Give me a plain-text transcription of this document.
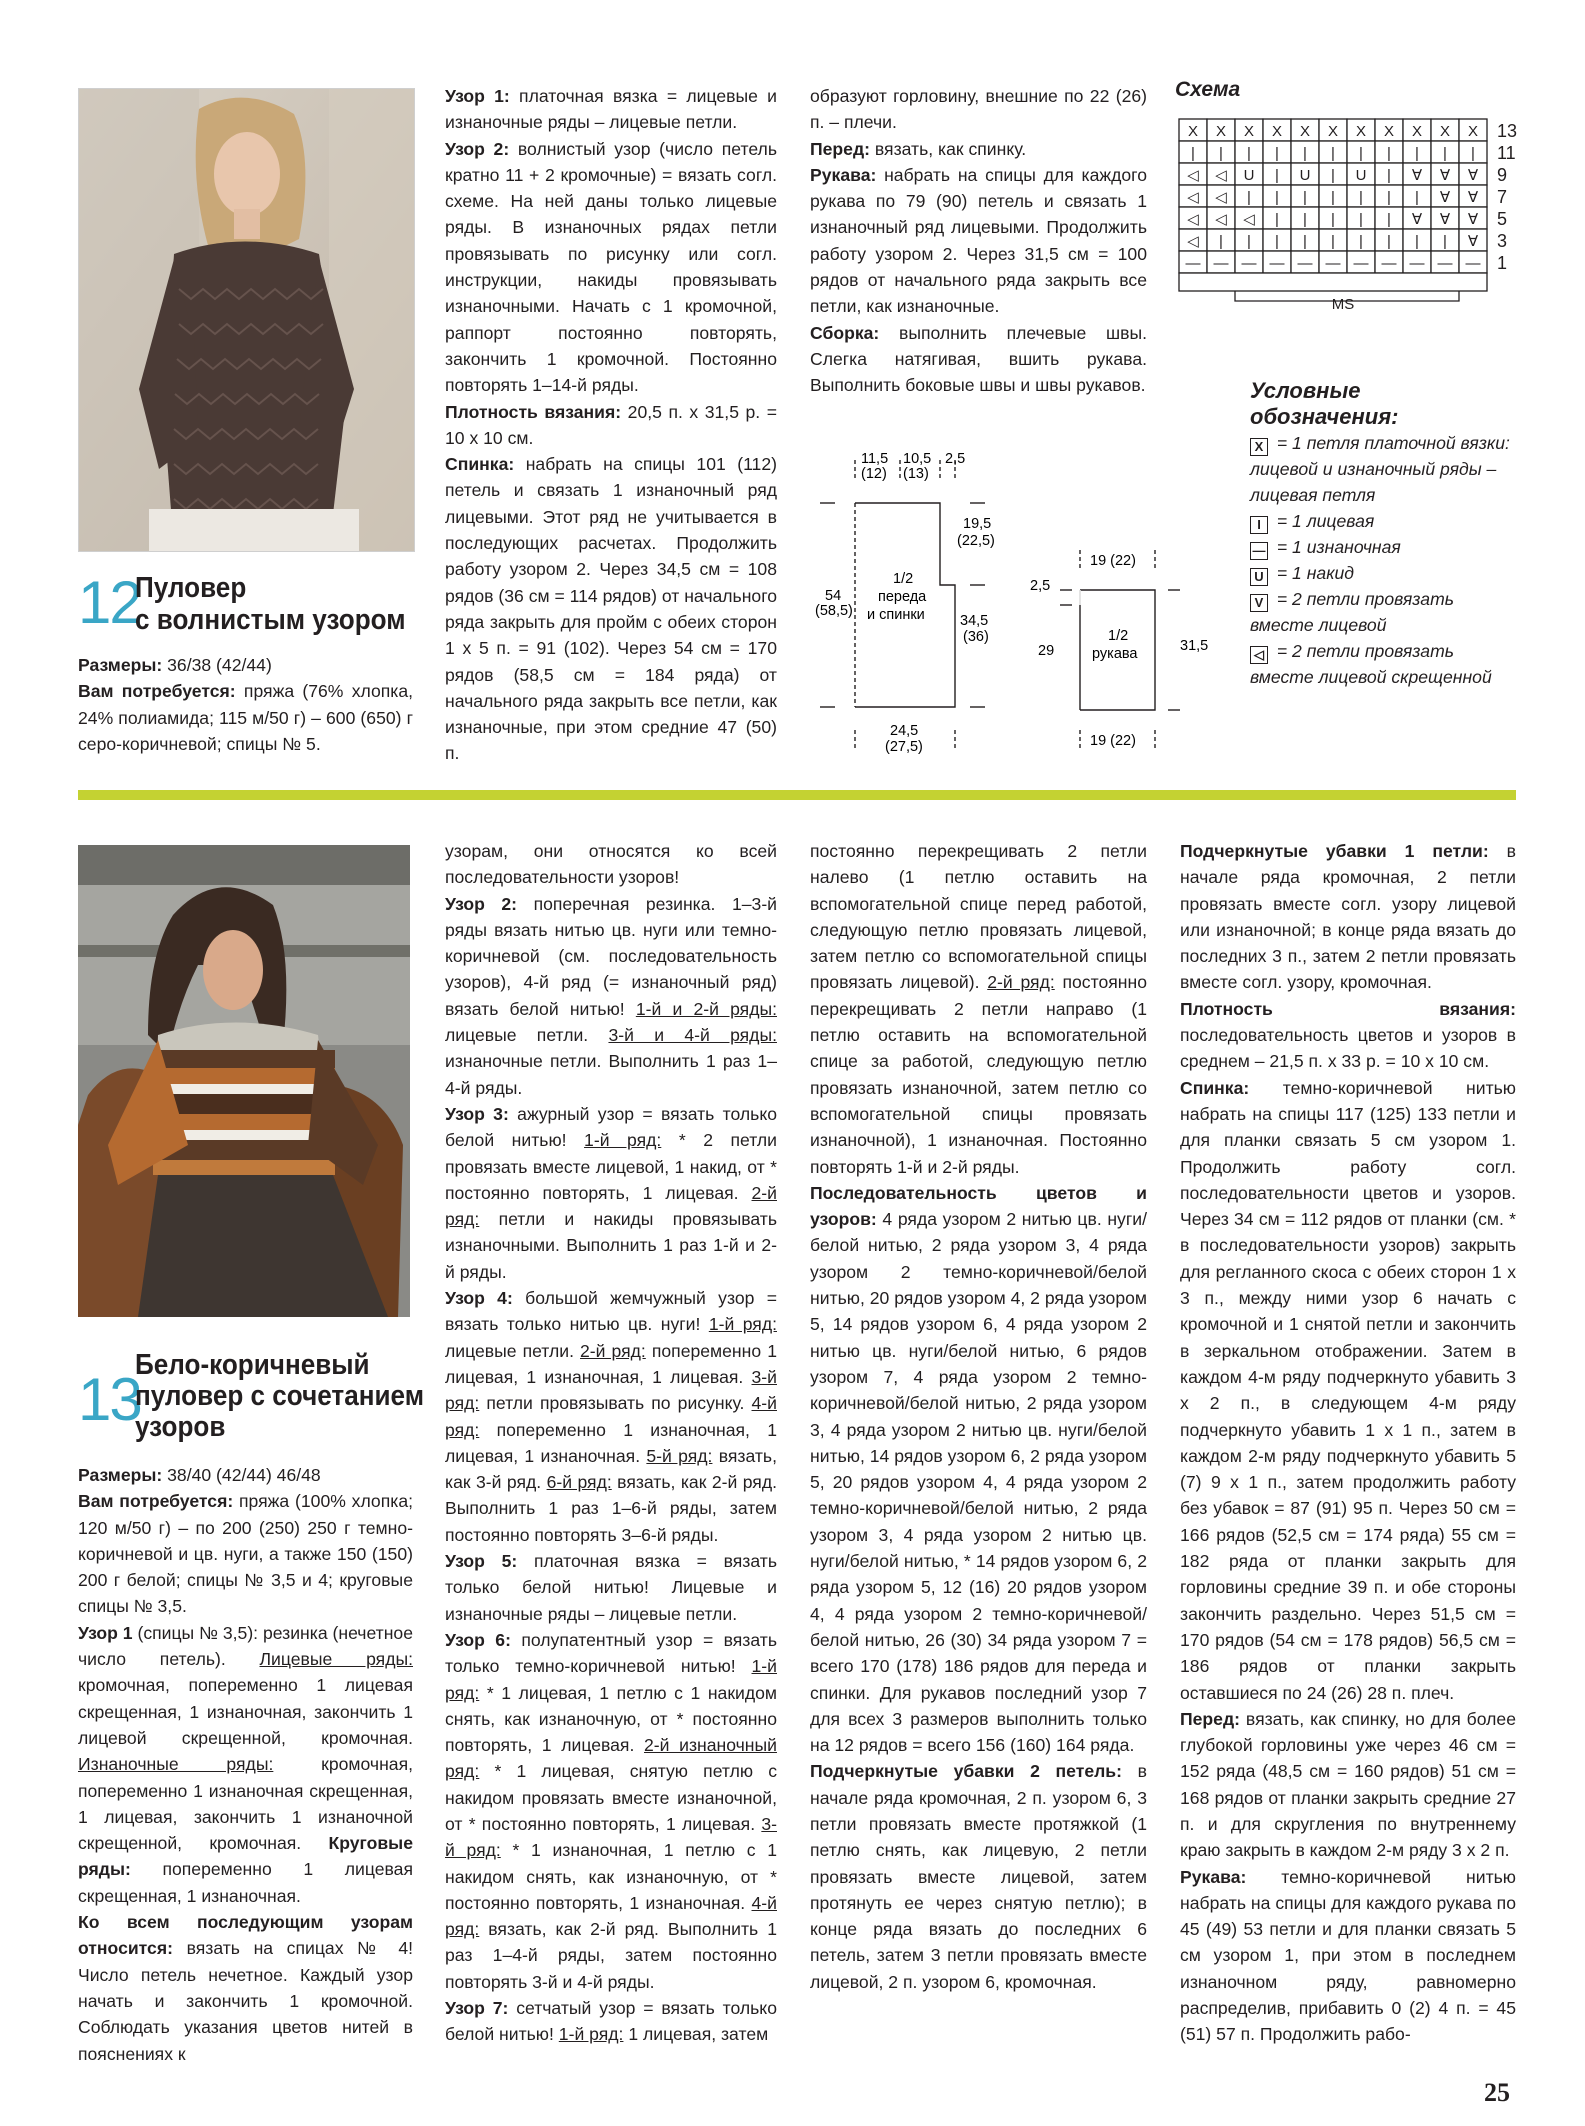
12
Пуловер
с волнистым узором

Размеры: 36/38 (42/44)

Вам потребуется: пряжа (76% хлопка, 24% полиамида; 115 м/50 г) – 600 (650) г серо-коричневой; спицы № 5.

Узор 1: платочная вязка = лицевые и изнаночные ряды – лицевые петли.

Узор 2: волнистый узор (число петель кратно 11 + 2 кромочные) = вязать согл. схеме. На ней даны только лицевые ряды. В изнаночных рядах петли провязывать по рисунку или согл. инструкции, накиды провязывать изнаночными. Начать с 1 кромочной, раппорт постоянно повторять, закончить 1 кромочной. Постоянно повторять 1–14-й ряды.

Плотность вязания: 20,5 п. х 31,5 р. = 10 х 10 см.

Спинка: набрать на спицы 101 (112) петель и связать 1 изнаночный ряд лицевыми. Этот ряд не учитывается в последующих расчетах. Продолжить работу узором 2. Через 34,5 см = 108 рядов (36 см = 114 рядов) от начального ряда закрыть для пройм с обеих сторон 1 х 5 п. = 91 (102). Через 54 см = 170 рядов (58,5 см = 184 ряда) от начального ряда закрыть все петли, как изнаночные, при этом средние 47 (50) п.

образуют горловину, внешние по 22 (26) п. – плечи.

Перед: вязать, как спинку.

Рукава: набрать на спицы для каждого рукава по 79 (90) петель и связать 1 изнаночный ряд лицевыми. Продолжить работу узором 2. Через 31,5 см = 100 рядов от начального ряда закрыть все петли, как изнаночные.

Сборка: выполнить плечевые швы. Слегка натягивая, вшить рукава. Выполнить боковые швы и швы рукавов.

11,5
(12)
10,5
(13)
2,5
19,5
(22,5)
54
(58,5)
1/2
переда
и спинки 34,5
(36)
24,5
(27,5)
19 (22)
2,5
29
1/2
рукава	31,5
19 (22)
Схема
X X X X X X X X X X X 13
| | | | | | | | | | | 11
◁ ◁ U | U | U | ∀ ∀ ∀ 9
◁ ◁ | | | | | | | ∀ ∀ 7
◁ ◁ ◁ | | | | | ∀ ∀ ∀ 5
◁ | | | | | | | | | ∀ 3
— — — — — — — — — — — 1
MS
Условные
обозначения:
X = 1 петля платочной вязки: лицевой и изнаночный ряды – лицевая петля
I = 1 лицевая
— = 1 изнаночная
U = 1 накид
V = 2 петли провязать вместе лицевой
◁ = 2 петли провязать вместе лицевой скрещенной
13
Бело-коричневый
пуловер с сочетанием
узоров

Размеры: 38/40 (42/44) 46/48

Вам потребуется: пряжа (100% хлопка; 120 м/50 г) – по 200 (250) 250 г темно-коричневой и цв. нуги, а также 150 (150) 200 г белой; спицы № 3,5 и 4; круговые спицы № 3,5.

Узор 1 (спицы № 3,5): резинка (нечетное число петель). Лицевые ряды: кромочная, попеременно 1 лицевая скрещенная, 1 изнаночная, закончить 1 лицевой скрещенной, кромочная. Изнаночные ряды: кромочная, попеременно 1 изнаночная скрещенная, 1 лицевая, закончить 1 изнаночной скрещенной, кромочная. Круговые ряды: попеременно 1 лицевая скрещенная, 1 изнаночная.

Ко всем последующим узорам относится: вязать на спицах № 4! Число петель нечетное. Каждый узор начать и закончить 1 кромочной. Соблюдать указания цветов нитей в пояснениях к

узорам, они относятся ко всей последовательности узоров!

Узор 2: поперечная резинка. 1–3-й ряды вязать нитью цв. нуги или темно-коричневой (см. последовательность узоров), 4-й ряд (= изнаночный ряд) вязать белой нитью! 1-й и 2-й ряды: лицевые петли. 3-й и 4-й ряды: изнаночные петли. Выполнить 1 раз 1–4-й ряды.

Узор 3: ажурный узор = вязать только белой нитью! 1-й ряд: * 2 петли провязать вместе лицевой, 1 накид, от * постоянно повторять, 1 лицевая. 2-й ряд: петли и накиды провязывать изнаночными. Выполнить 1 раз 1-й и 2-й ряды.

Узор 4: большой жемчужный узор = вязать только нитью цв. нуги! 1-й ряд: лицевые петли. 2-й ряд: попеременно 1 лицевая, 1 изнаночная, 1 лицевая. 3-й ряд: петли провязывать по рисунку. 4-й ряд: попеременно 1 изнаночная, 1 лицевая, 1 изнаночная. 5-й ряд: вязать, как 3-й ряд. 6-й ряд: вязать, как 2-й ряд. Выполнить 1 раз 1–6-й ряды, затем постоянно повторять 3–6-й ряды.

Узор 5: платочная вязка = вязать только белой нитью! Лицевые и изнаночные ряды – лицевые петли.

Узор 6: полупатентный узор = вязать только темно-коричневой нитью! 1-й ряд: * 1 лицевая, 1 петлю с 1 накидом снять, как изнаночную, от * постоянно повторять, 1 лицевая. 2-й изнаночный ряд: * 1 лицевая, снятую петлю с накидом провязать вместе изнаночной, от * постоянно повторять, 1 лицевая. 3-й ряд: * 1 изнаночная, 1 петлю с 1 накидом снять, как изнаночную, от * постоянно повторять, 1 изнаночная. 4-й ряд: вязать, как 2-й ряд. Выполнить 1 раз 1–4-й ряды, затем постоянно повторять 3-й и 4-й ряды.

Узор 7: сетчатый узор = вязать только белой нитью! 1-й ряд: 1 лицевая, затем

постоянно перекрещивать 2 петли налево (1 петлю оставить на вспомогательной спице перед работой, следующую петлю провязать лицевой, затем петлю со вспомогательной спицы провязать лицевой). 2-й ряд: постоянно перекрещивать 2 петли направо (1 петлю оставить на вспомогательной спице за работой, следующую петлю провязать изнаночной, затем петлю со вспомогательной спицы провязать изнаночной), 1 изнаночная. Постоянно повторять 1-й и 2-й ряды.

Последовательность цветов и узоров: 4 ряда узором 2 нитью цв. нуги/белой нитью, 2 ряда узором 3, 4 ряда узором 2 темно-коричневой/белой нитью, 20 рядов узором 4, 2 ряда узором 5, 14 рядов узором 6, 4 ряда узором 2 нитью цв. нуги/белой нитью, 6 рядов узором 7, 4 ряда узором 2 темно-коричневой/белой нитью, 2 ряда узором 3, 4 ряда узором 2 нитью цв. нуги/белой нитью, 14 рядов узором 6, 2 ряда узором 5, 20 рядов узором 4, 4 ряда узором 2 темно-коричневой/белой нитью, 2 ряда узором 3, 4 ряда узором 2 нитью цв. нуги/белой нитью, * 14 рядов узором 6, 2 ряда узором 5, 12 (16) 20 рядов узором 4, 4 ряда узором 2 темно-коричневой/белой нитью, 26 (30) 34 ряда узором 7 = всего 170 (178) 186 рядов для переда и спинки. Для рукавов последний узор 7 для всех 3 размеров выполнить только на 12 рядов = всего 156 (160) 164 ряда.

Подчеркнутые убавки 2 петель: в начале ряда кромочная, 2 п. узором 6, 3 петли провязать вместе протяжкой (1 петлю снять, как лицевую, 2 петли провязать вместе лицевой, затем протянуть ее через снятую петлю); в конце ряда вязать до последних 6 петель, затем 3 петли провязать вместе лицевой, 2 п. узором 6, кромочная.

Подчеркнутые убавки 1 петли: в начале ряда кромочная, 2 петли провязать вместе согл. узору лицевой или изнаночной; в конце ряда вязать до последних 3 п., затем 2 петли провязать вместе согл. узору, кромочная.

Плотность вязания: последовательность цветов и узоров в среднем – 21,5 п. х 33 р. = 10 х 10 см.

Спинка: темно-коричневой нитью набрать на спицы 117 (125) 133 петли и для планки связать 5 см узором 1. Продолжить работу согл. последовательности цветов и узоров. Через 34 см = 112 рядов от планки (см. * в последовательности узоров) закрыть для регланного скоса с обеих сторон 1 х 3 п., между ними узор 6 начать с кромочной и 1 снятой петли и закончить в зеркальном отображении. Затем в каждом 4-м ряду подчеркнуто убавить 3 х 2 п., в следующем 4-м ряду подчеркнуто убавить 1 х 1 п., затем в каждом 2-м ряду подчеркнуто убавить 5 (7) 9 х 1 п., затем продолжить работу без убавок = 87 (91) 95 п. Через 50 см = 166 рядов (52,5 см = 174 ряда) 55 см = 182 ряда от планки закрыть для горловины средние 39 п. и обе стороны закончить раздельно. Через 51,5 см = 170 рядов (54 см = 178 рядов) 56,5 см = 186 рядов от планки закрыть оставшиеся по 24 (26) 28 п. плеч.

Перед: вязать, как спинку, но для более глубокой горловины уже через 46 см = 152 ряда (48,5 см = 160 рядов) 51 см = 168 рядов от планки закрыть средние 27 п. и для скругления по внутреннему краю закрыть в каждом 2-м ряду 3 х 2 п.

Рукава: темно-коричневой нитью набрать на спицы для каждого рукава по 45 (49) 53 петли и для планки связать 5 см узором 1, при этом в последнем изнаночном ряду, равномерно распределив, прибавить 0 (2) 4 п. = 45 (51) 57 п. Продолжить рабо-

25
